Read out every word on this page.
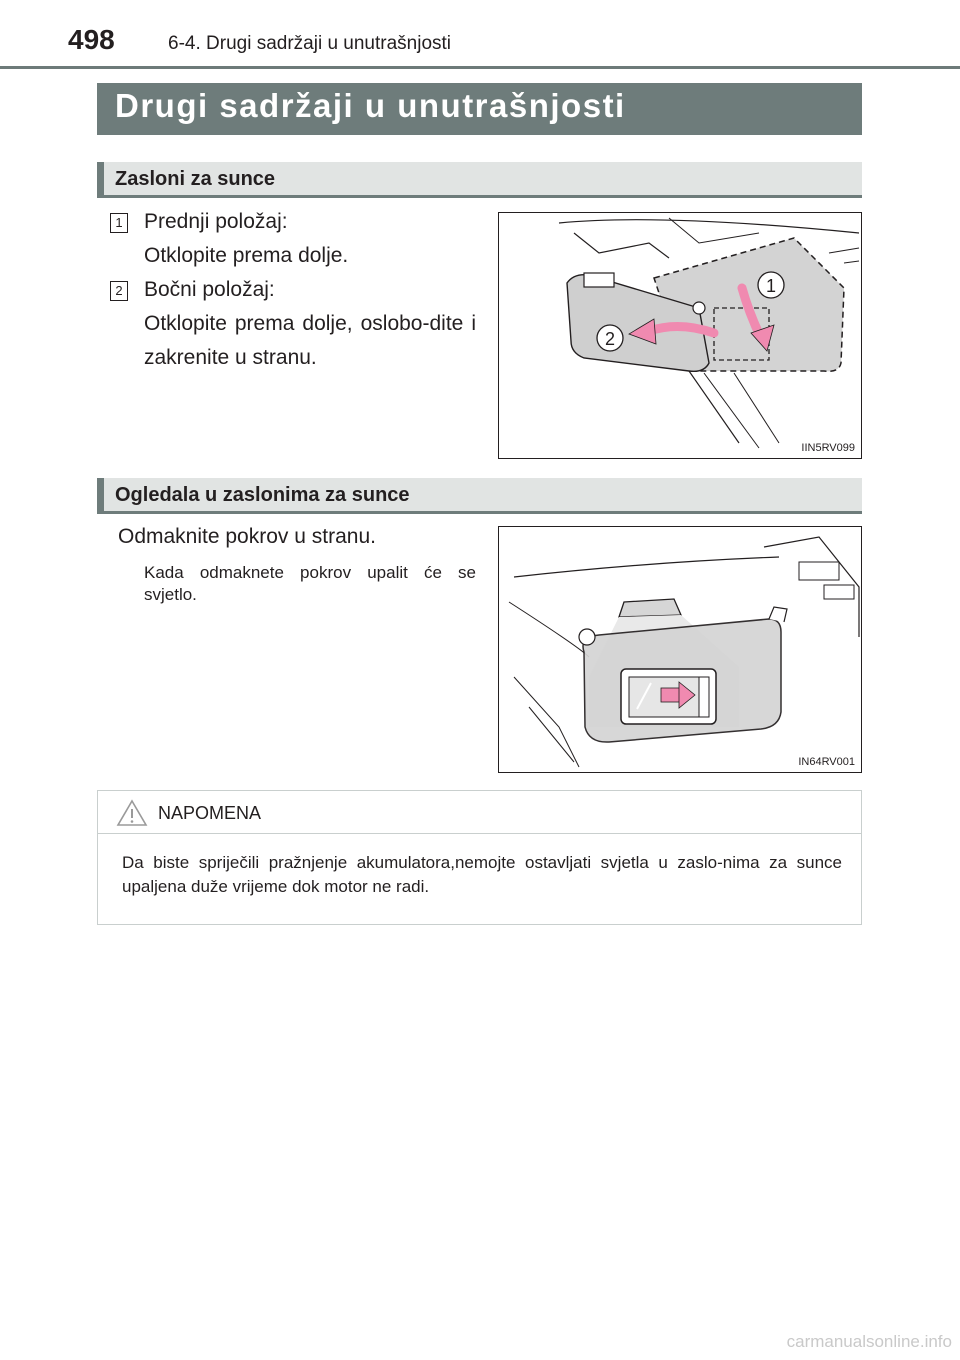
498	6-4. Drugi sadržaji u unutrašnjosti
Drugi sadržaji u unutrašnjosti
Zasloni za sunce
1 Prednji položaj:
Otklopite prema dolje.
2 Bočni položaj:
Otklopite prema dolje, oslobo-dite i zakrenite u stranu.
1
2
IIN5RV099
Ogledala u zaslonima za sunce
Odmaknite pokrov u stranu.
Kada odmaknete pokrov upalit će se svjetlo.
IN64RV001
NAPOMENA
Da biste spriječili pražnjenje akumulatora,nemojte ostavljati svjetla u zaslo-nima za sunce upaljena duže vrijeme dok motor ne radi.
carmanualsonline.info
